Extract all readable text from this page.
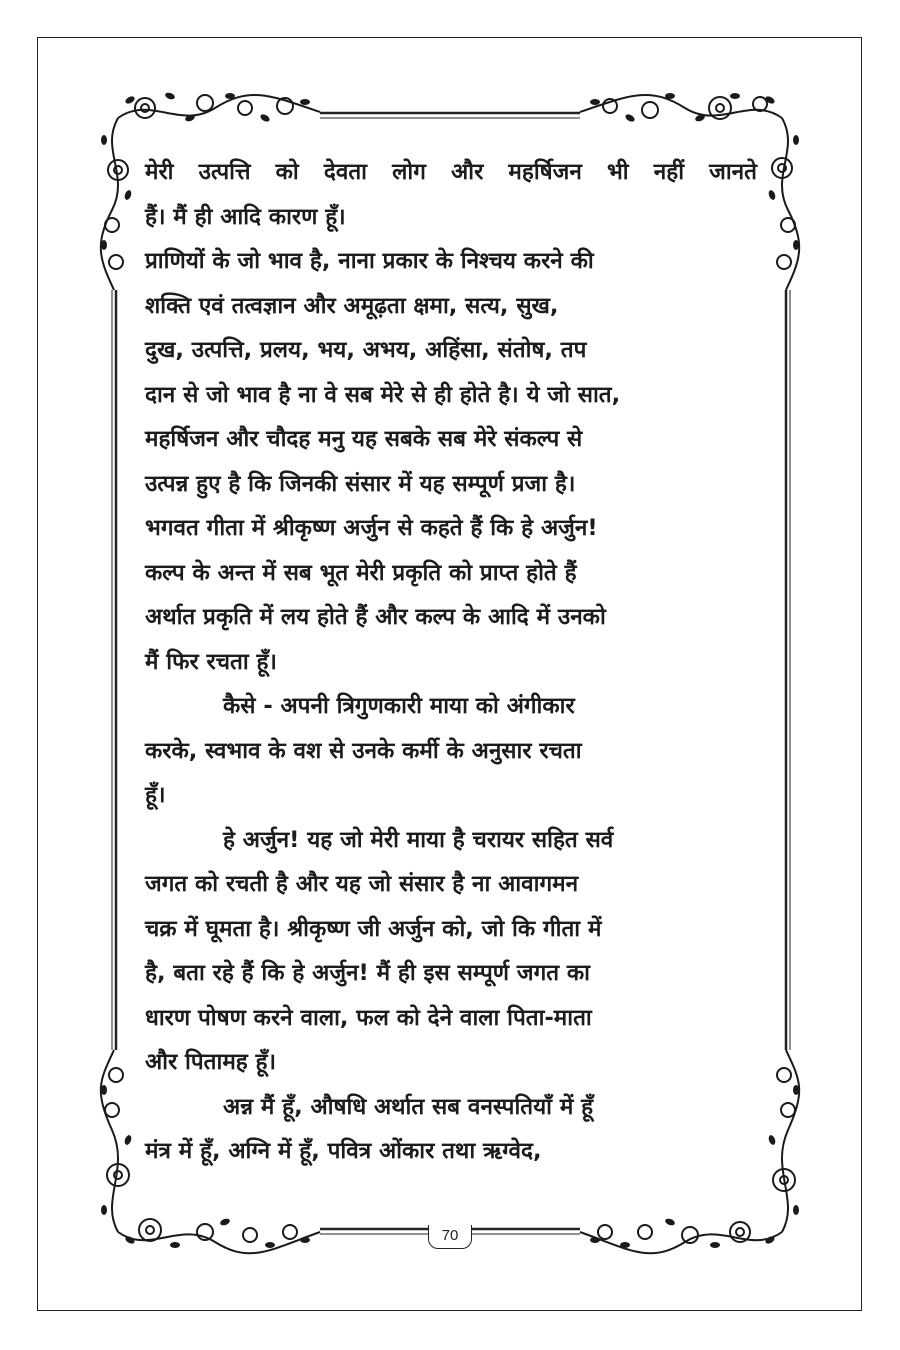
मेरी उत्पत्ति को देवता लोग और महर्षिजन भी नहीं जानते
हैं। मैं ही आदि कारण हूँ।

प्राणियों के जो भाव है, नाना प्रकार के निश्चय करने की
शक्ति एवं तत्वज्ञान और अमूढ़ता क्षमा, सत्य, सुख,
दुख, उत्पत्ति, प्रलय, भय, अभय, अहिंसा, संतोष, तप
दान से जो भाव है ना वे सब मेरे से ही होते है। ये जो सात,
महर्षिजन और चौदह मनु यह सबके सब मेरे संकल्प से
उत्पन्न हुए है कि जिनकी संसार में यह सम्पूर्ण प्रजा है।

भगवत गीता में श्रीकृष्ण अर्जुन से कहते हैं कि हे अर्जुन!
कल्प के अन्त में सब भूत मेरी प्रकृति को प्राप्त होते हैं
अर्थात प्रकृति में लय होते हैं और कल्प के आदि में उनको
मैं फिर रचता हूँ।

कैसे - अपनी त्रिगुणकारी माया को अंगीकार
करके, स्वभाव के वश से उनके कर्मी के अनुसार रचता
हूँ।

हे अर्जुन! यह जो मेरी माया है चरायर सहित सर्व
जगत को रचती है और यह जो संसार है ना आवागमन
चक्र में घूमता है। श्रीकृष्ण जी अर्जुन को, जो कि गीता में
है, बता रहे हैं कि हे अर्जुन! मैं ही इस सम्पूर्ण जगत का
धारण पोषण करने वाला, फल को देने वाला पिता-माता
और पितामह हूँ।

अन्न मैं हूँ, औषधि अर्थात सब वनस्पतियाँ में हूँ
मंत्र में हूँ, अग्नि में हूँ, पवित्र ओंकार तथा ऋग्वेद,

70
